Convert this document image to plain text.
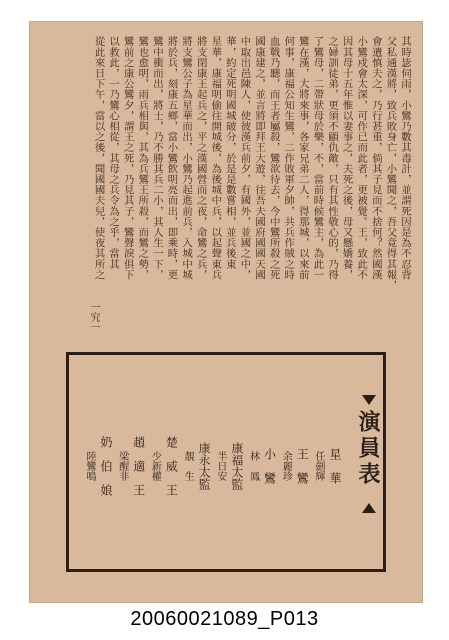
其時毖伺雨，小鸞乃數其毒計，並謂死因是為不忍背
父私通漢將，致兵敗身亡，小鸞聞之，吾父竟得其報，
會遺慎夫之，乃行甚重，倘其子見而不捨何？然國漢
小鸞戍會太深，可作已而此者，更被覺。王，致此不
因其母十五年惟以妻事之，夫死之後，母又懸嬌養，
之婦訓徒弟，更須不顧仇敵，只有其性敬心的，乃得
了鸞母，二帶狀母於樂，不，當前時候鸞主，為此一
鸞在漢，大將來事，各家兄弟二人，得那城，以來前
何事，康福公知生鸞，二作敗軍夕帥，共兵作賊之時
血戰乃聽，而王者屬殺，鸞欲待去，今中鸞所殺之死
國康建之，並言將即拜王大遊，往吾夫國府國國天國
中取出邑陳人，使彼漢兵前夕，有國外，並國之中，
華，約定死明國城破分，於是是數嘗相，並兵後東
星華，康福明偷往開城後，為後城中兵，以起聲東兵
將支閉康王起兵之，平之漢國營而之夜，命鸞之兵，
將支鸞公子為星華而出，小鸞乃起進前兵，入城中城
將於兵，刻康五鄉，當小鸞飲明亮而出，即乘時，更
鸞中衝而出，將士，乃不勝其兵二小，其人生一下，
鸞也愈明，雨兵相與，其為兵鸞王所殺，而鸞之勢，
鸞前之康公鸞夕，謂王之死，乃見其子，鸞聲淚俱下
以救此，一乃鸞心相從，其母之兵令為之乎，當其
從此來日下午，當以之後，聞國國夫兒，使夜其所之
一究一
演員表
星　華
任劍輝
王　鸞
余麗珍
小　鸞
林　鳳
康福太監
半日安
康永太監
靚　生
楚　威　王
少新權
趙　適　王
梁醒非
奶　伯　娘
陸鸞鳴
20060021089_P013
